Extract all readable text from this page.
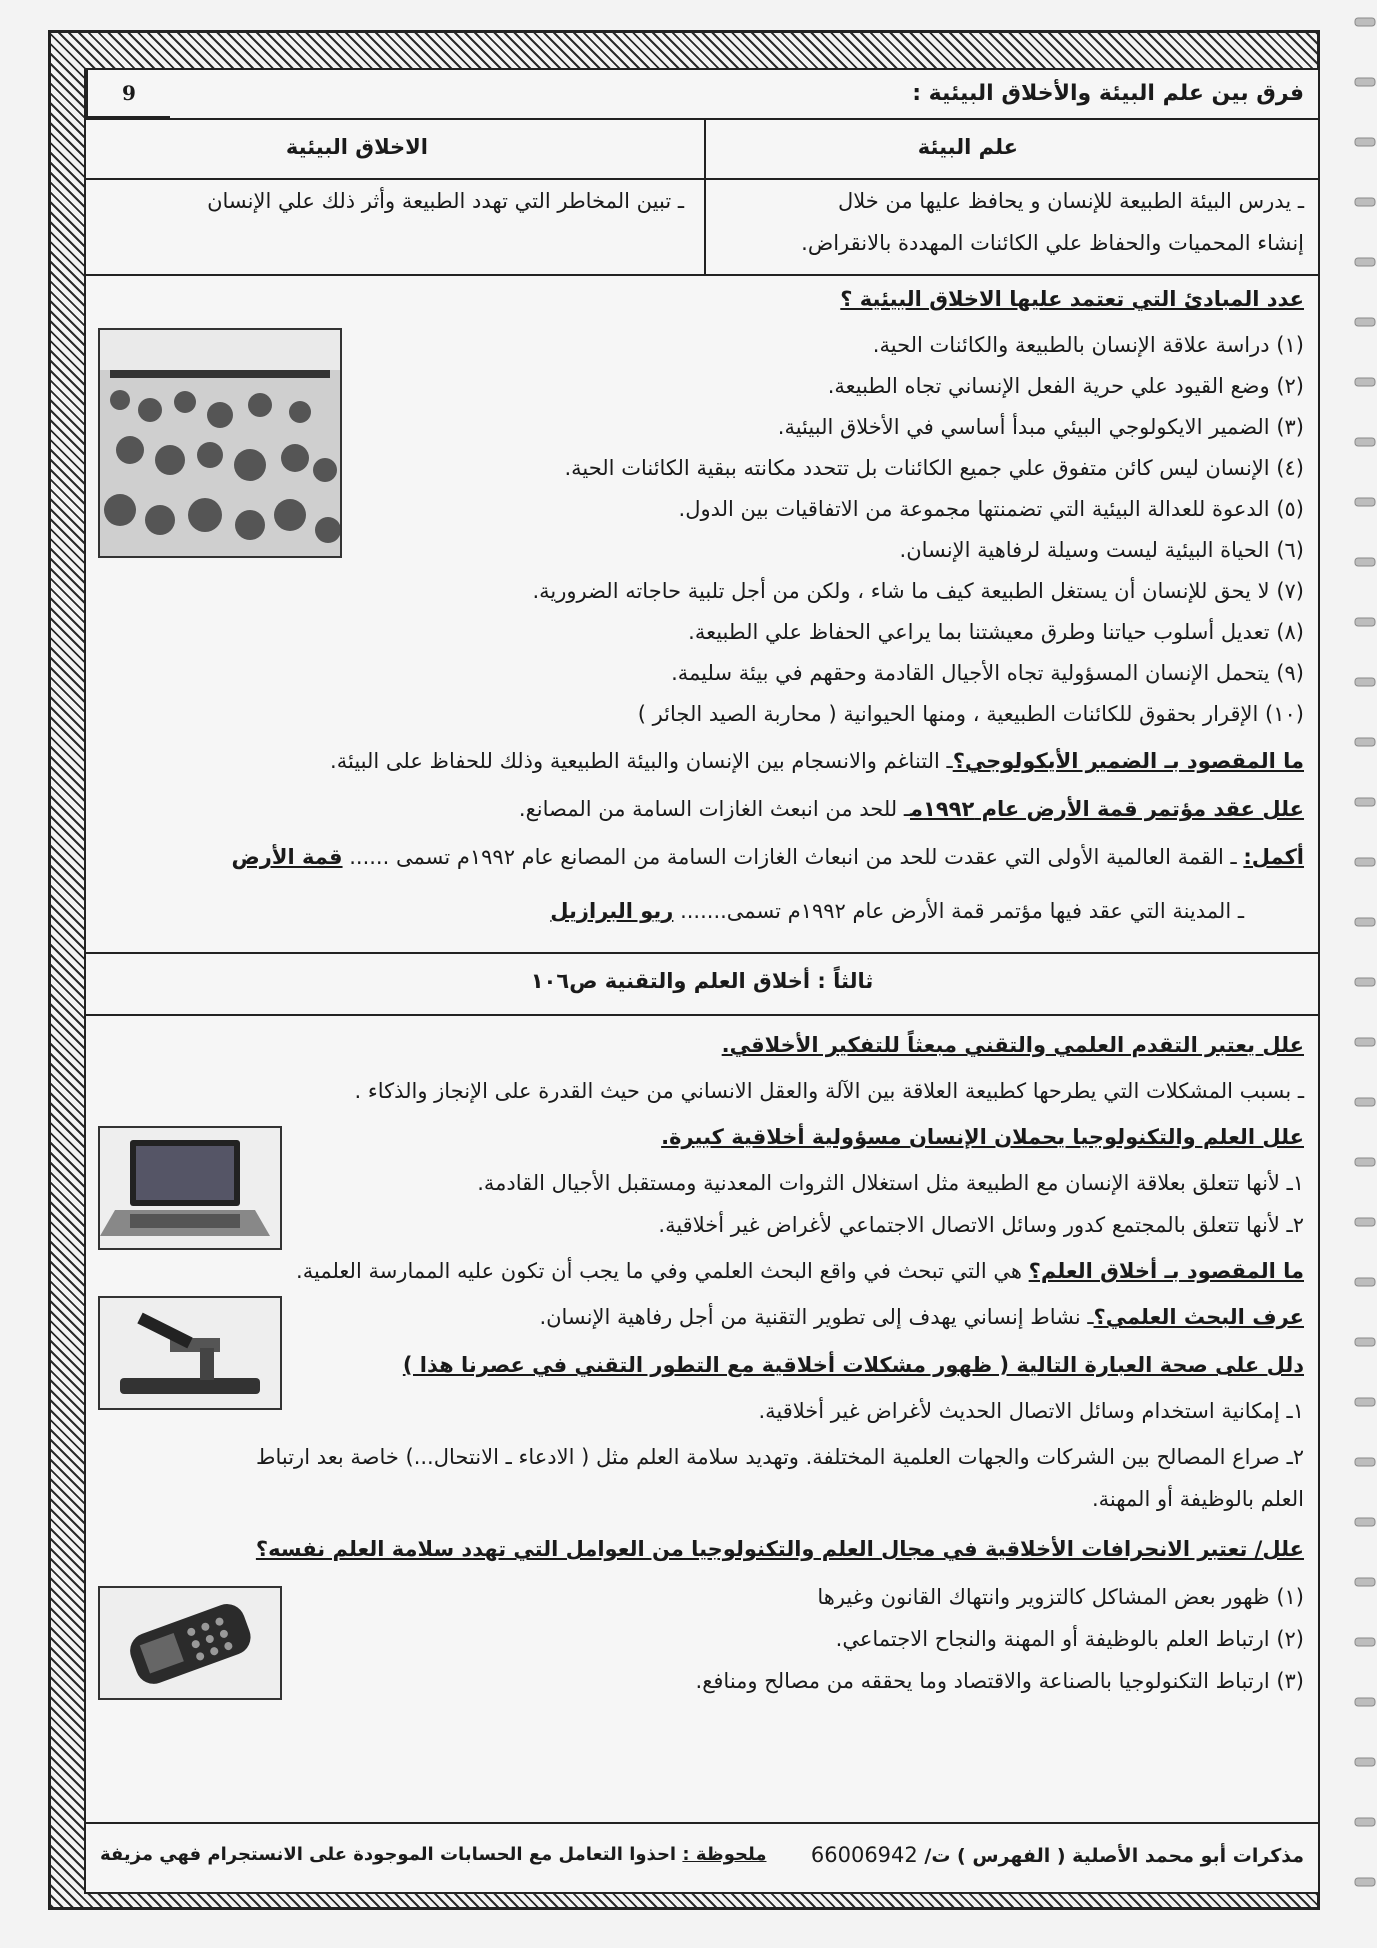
9	فرق بين علم البيئة والأخلاق البيئية :
علم البيئة
الاخلاق البيئية
ـ يدرس البيئة الطبيعة للإنسان و يحافظ عليها من خلال
إنشاء المحميات والحفاظ علي الكائنات المهددة بالانقراض.
ـ تبين المخاطر التي تهدد الطبيعة وأثر ذلك علي الإنسان
عدد المبادئ التي تعتمد عليها الاخلاق البيئية ؟
(١) دراسة علاقة الإنسان بالطبيعة والكائنات الحية.
(٢) وضع القيود علي حرية الفعل الإنساني تجاه الطبيعة.
(٣) الضمير الايكولوجي البيئي مبدأ أساسي في الأخلاق البيئية.
(٤) الإنسان ليس كائن متفوق علي جميع الكائنات بل تتحدد مكانته ببقية الكائنات الحية.
(٥) الدعوة للعدالة البيئية التي تضمنتها مجموعة من الاتفاقيات بين الدول.
(٦) الحياة البيئية ليست وسيلة لرفاهية الإنسان.
(٧) لا يحق للإنسان أن يستغل الطبيعة كيف ما شاء ، ولكن من أجل تلبية حاجاته الضرورية.
(٨) تعديل أسلوب حياتنا وطرق معيشتنا بما يراعي الحفاظ علي الطبيعة.
(٩) يتحمل الإنسان المسؤولية تجاه الأجيال القادمة وحقهم في بيئة سليمة.
(١٠) الإقرار بحقوق للكائنات الطبيعية ، ومنها الحيوانية ( محاربة الصيد الجائر )
ما المقصود بـ الضمير الأيكولوجي؟ـ التناغم والانسجام بين الإنسان والبيئة الطبيعية وذلك للحفاظ على البيئة.
علل عقد مؤتمر قمة الأرض عام ١٩٩٢مـ للحد من انبعث الغازات السامة من المصانع.
أكمل: ـ القمة العالمية الأولى التي عقدت للحد من انبعاث الغازات السامة من المصانع عام ١٩٩٢م تسمى ...... قمة الأرض
ـ المدينة التي عقد فيها مؤتمر قمة الأرض عام ١٩٩٢م تسمى....... ريو البرازيل
ثالثاً : أخلاق العلم والتقنية ص١٠٦
علل يعتبر التقدم العلمي والتقني مبعثاً للتفكير الأخلاقي.
ـ بسبب المشكلات التي يطرحها كطبيعة العلاقة بين الآلة والعقل الانساني من حيث القدرة على الإنجاز والذكاء .
علل العلم والتكنولوجيا يحملان الإنسان مسؤولية أخلاقية كبيرة.
١ـ لأنها تتعلق بعلاقة الإنسان مع الطبيعة مثل استغلال الثروات المعدنية ومستقبل الأجيال القادمة.
٢ـ لأنها تتعلق بالمجتمع كدور وسائل الاتصال الاجتماعي لأغراض غير أخلاقية.
ما المقصود بـ أخلاق العلم؟ هي التي تبحث في واقع البحث العلمي وفي ما يجب أن تكون عليه الممارسة العلمية.
عرف البحث العلمي؟ـ نشاط إنساني يهدف إلى تطوير التقنية من أجل رفاهية الإنسان.
دلل على صحة العبارة التالية ( ظهور مشكلات أخلاقية مع التطور التقني في عصرنا هذا )
١ـ إمكانية استخدام وسائل الاتصال الحديث لأغراض غير أخلاقية.
٢ـ صراع المصالح بين الشركات والجهات العلمية المختلفة. وتهديد سلامة العلم مثل ( الادعاء ـ الانتحال...) خاصة بعد ارتباط
العلم بالوظيفة أو المهنة.
علل/ تعتبر الانحرافات الأخلاقية في مجال العلم والتكنولوجيا من العوامل التي تهدد سلامة العلم نفسه؟
(١) ظهور بعض المشاكل كالتزوير وانتهاك القانون وغيرها
(٢) ارتباط العلم بالوظيفة أو المهنة والنجاح الاجتماعي.
(٣) ارتباط التكنولوجيا بالصناعة والاقتصاد وما يحققه من مصالح ومنافع.
مذكرات أبو محمد الأصلية ( الفهرس ) ت/ 66006942
ملحوظة : احذوا التعامل مع الحسابات الموجودة على الانستجرام فهي مزيفة
